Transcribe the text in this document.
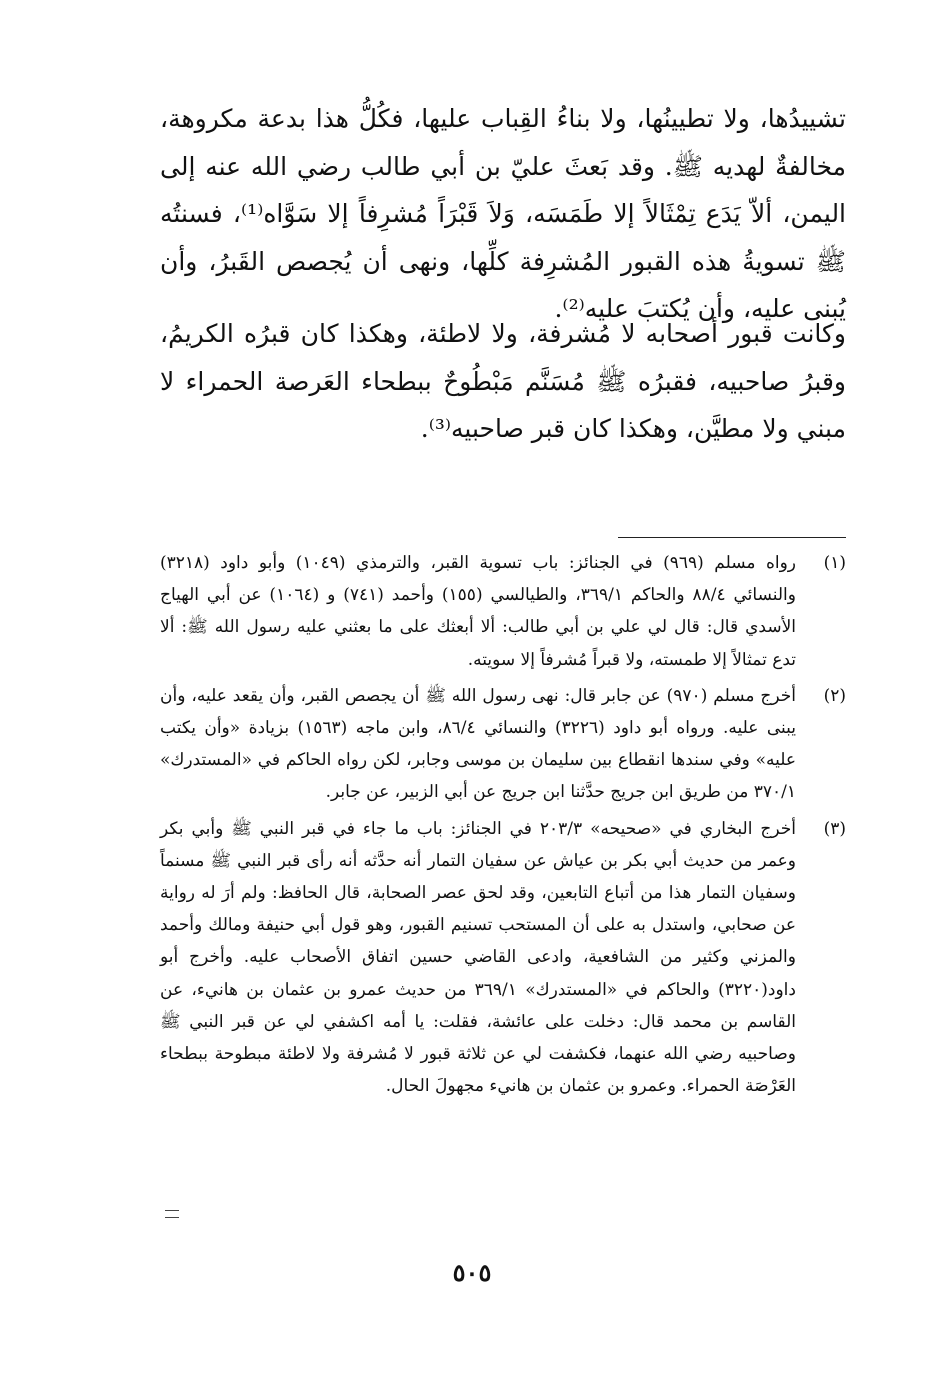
تشييدُها، ولا تطيينُها، ولا بناءُ القِباب عليها، فكُلُّ هذا بدعة مكروهة، مخالفةٌ لهديه ﷺ. وقد بَعثَ عليّ بن أبي طالب رضي الله عنه إلى اليمن، ألاّ يَدَع تِمْثَالاً إلا طَمَسَه، وَلاَ قَبْرَاً مُشرِفاً إلا سَوَّاه⁽¹⁾، فسنتُه ﷺ تسويةُ هذه القبور المُشرِفة كلِّها، ونهى أن يُجصص القَبرُ، وأن يُبنى عليه، وأن يُكتبَ عليه⁽²⁾.

وكانت قبور أصحابه لا مُشرفة، ولا لاطئة، وهكذا كان قبرُه الكريمُ، وقبرُ صاحبيه، فقبرُه ﷺ مُسَنَّم مَبْطُوحٌ ببطحاء العَرصة الحمراء لا مبني ولا مطيَّن، وهكذا كان قبر صاحبيه⁽³⁾.

(١)
رواه مسلم (٩٦٩) في الجنائز: باب تسوية القبر، والترمذي (١٠٤٩) وأبو داود (٣٢١٨) والنسائي ٨٨/٤ والحاكم ٣٦٩/١، والطيالسي (١٥٥) وأحمد (٧٤١) و (١٠٦٤) عن أبي الهياج الأسدي قال: قال لي علي بن أبي طالب: ألا أبعثك على ما بعثني عليه رسول الله ﷺ: ألا تدع تمثالاً إلا طمسته، ولا قبراً مُشرفاً إلا سويته.
(٢)
أخرج مسلم (٩٧٠) عن جابر قال: نهى رسول الله ﷺ أن يجصص القبر، وأن يقعد عليه، وأن يبنى عليه. ورواه أبو داود (٣٢٢٦) والنسائي ٨٦/٤، وابن ماجه (١٥٦٣) بزيادة «وأن يكتب عليه» وفي سندها انقطاع بين سليمان بن موسى وجابر، لكن رواه الحاكم في «المستدرك» ٣٧٠/١ من طريق ابن جريج حدَّثنا ابن جريج عن أبي الزبير، عن جابر.
(٣)
أخرج البخاري في «صحيحه» ٢٠٣/٣ في الجنائز: باب ما جاء في قبر النبي ﷺ وأبي بكر وعمر من حديث أبي بكر بن عياش عن سفيان التمار أنه حدَّثه أنه رأى قبر النبي ﷺ مسنماً وسفيان التمار هذا من أتباع التابعين، وقد لحق عصر الصحابة، قال الحافظ: ولم أرَ له رواية عن صحابي، واستدل به على أن المستحب تسنيم القبور، وهو قول أبي حنيفة ومالك وأحمد والمزني وكثير من الشافعية، وادعى القاضي حسين اتفاق الأصحاب عليه. وأخرج أبو داود(٣٢٢٠) والحاكم في «المستدرك» ٣٦٩/١ من حديث عمرو بن عثمان بن هانيء، عن القاسم بن محمد قال: دخلت على عائشة، فقلت: يا أمه اكشفي لي عن قبر النبي ﷺ وصاحبيه رضي الله عنهما، فكشفت لي عن ثلاثة قبور لا مُشرفة ولا لاطئة مبطوحة ببطحاء العَرْصَة الحمراء. وعمرو بن عثمان بن هانيء مجهولَ الحال.
٥٠٥
